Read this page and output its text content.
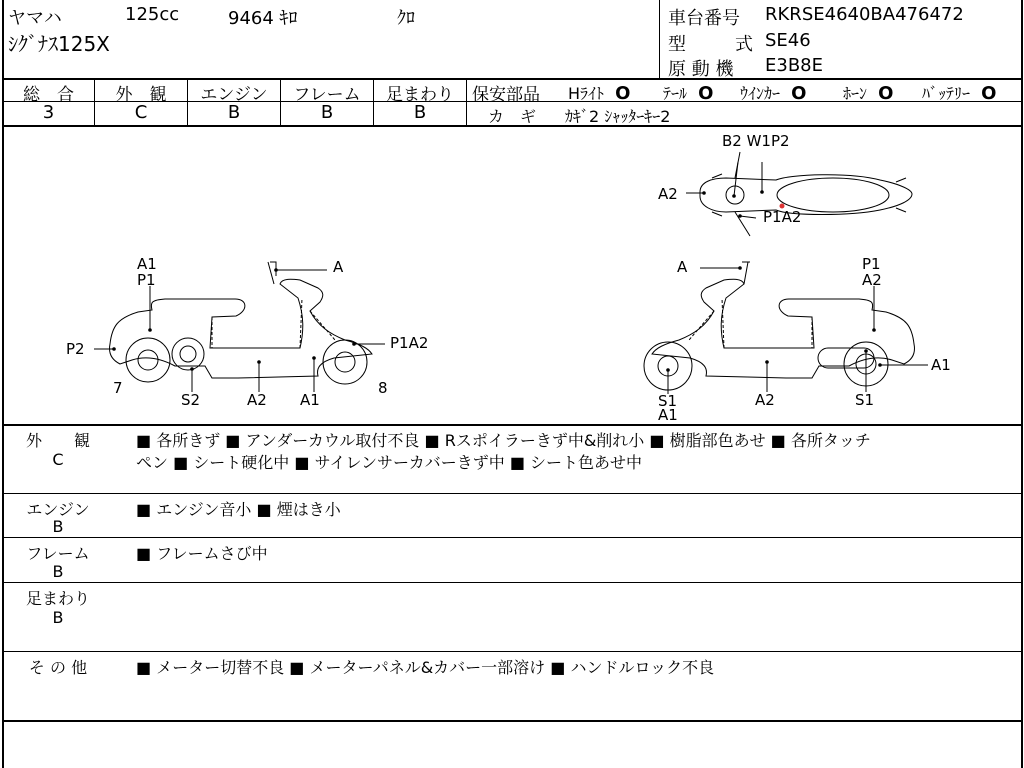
ヤマハ	125cc	9464 ｷﾛ	ｸﾛ
ｼｸﾞﾅｽ125X
車台番号 RKRSE4640BA476472
型	式 SE46
原 動 機 E3B8E
総　合
3
外　観
C
エンジン
B
フレーム
B
足まわり
B
保安部品 Hﾗｲﾄ O ﾃｰﾙ O ｳｲﾝｶｰ O ﾎｰﾝ O ﾊﾞｯﾃﾘｰ O
カ　ギ ｶｷﾞ2 ｼｬｯﾀｰｷｰ2
A1
P1
A
P2	P1A2
7	8
S2	A2 A1
A	P1
A2
A1
S1
A1
A2	S1
B2 W1P2
A2
P1A2
外　　観
C
■ 各所きず ■ アンダーカウル取付不良 ■ Rスポイラーきず中&削れ小 ■ 樹脂部色あせ ■ 各所タッチ
ペン ■ シート硬化中 ■ サイレンサーカバーきず中 ■ シート色あせ中
エンジン
B
■ エンジン音小 ■ 煙はき小
フレーム
B
■ フレームさび中
足まわり
B
そ の 他	■ メーター切替不良 ■ メーターパネル&カバー一部溶け ■ ハンドルロック不良
